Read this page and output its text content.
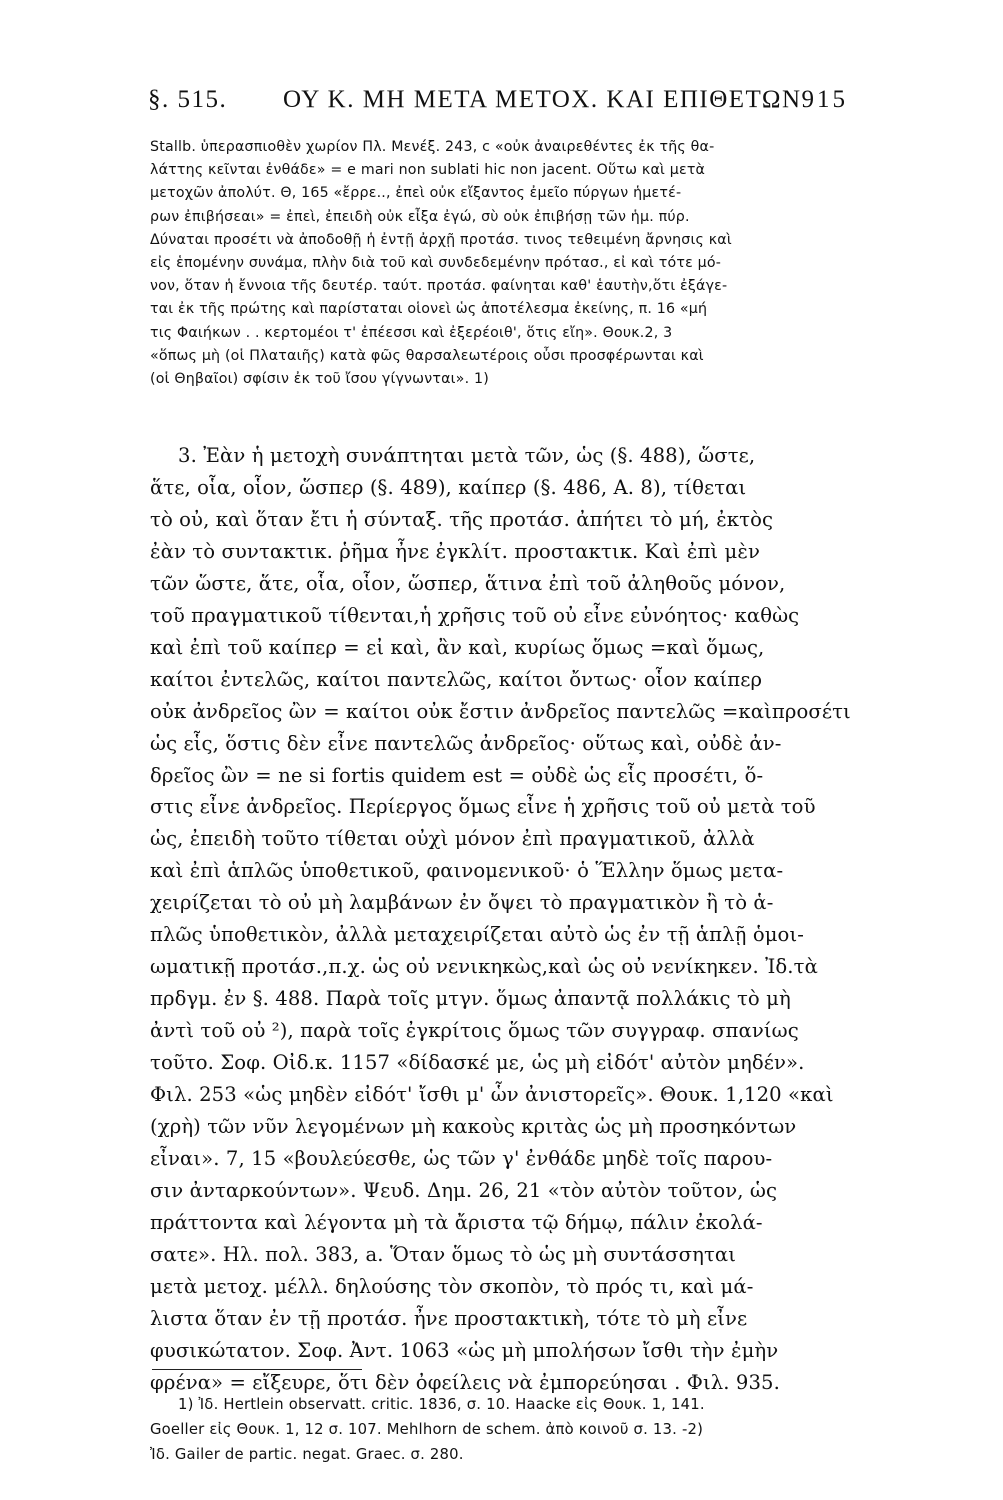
§. 515. ΟΥ Κ. ΜΗ ΜΕΤΑ ΜΕΤΟΧ. ΚΑΙ ΕΠΙΘΕΤΩΝ 915
Stallb. ὑπερασπιοθὲν χωρίον Πλ. Μενέξ. 243, c «οὐκ ἀναιρεθέντες ἐκ τῆς θα-
λάττης κεῖνται ἐνθάδε» = e mari non sublati hic non jacent. Οὕτω καὶ μετὰ
μετοχῶν ἀπολύτ. Θ, 165 «ἔρρε.., ἐπεὶ οὐκ εἴξαντος ἐμεῖο πύργων ἡμετέ-
ρων ἐπιβήσεαι» = ἐπεὶ, ἐπειδὴ οὐκ εἶξα ἐγώ, σὺ οὐκ ἐπιβήσῃ τῶν ἡμ. πύρ.
Δύναται προσέτι νὰ ἀποδοθῇ ἡ ἐντῇ ἀρχῇ προτάσ. τινος τεθειμένη ἄρνησις καὶ
εἰς ἑπομένην συνάμα, πλὴν διὰ τοῦ καὶ συνδεδεμένην πρότασ., εἰ καὶ τότε μό-
νον, ὅταν ἡ ἔννοια τῆς δευτέρ. ταύτ. προτάσ. φαίνηται καθ' ἑαυτὴν,ὅτι ἐξάγε-
ται ἐκ τῆς πρώτης καὶ παρίσταται οἱονεὶ ὡς ἀποτέλεσμα ἐκείνης, π. 16 «μή
τις Φαιήκων . . κερτομέοι τ' ἐπέεσσι καὶ ἐξερέοιθ', ὅτις εἴη». Θουκ.2, 3
«ὅπως μὴ (οἱ Πλαταιῆς) κατὰ φῶς θαρσαλεωτέροις οὖσι προσφέρωνται καὶ
(οἱ Θηβαῖοι) σφίσιν ἐκ τοῦ ἴσου γίγνωνται». 1)
3. Ἐὰν ἡ μετοχὴ συνάπτηται μετὰ τῶν, ὡς (§. 488), ὥστε,
ἅτε, οἷα, οἷον, ὥσπερ (§. 489), καίπερ (§. 486, Α. 8), τίθεται
τὸ οὐ, καὶ ὅταν ἔτι ἡ σύνταξ. τῆς προτάσ. ἀπήτει τὸ μή, ἐκτὸς
ἐὰν τὸ συντακτικ. ῥῆμα ἦνε ἐγκλίτ. προστακτικ. Καὶ ἐπὶ μὲν
τῶν ὥστε, ἅτε, οἷα, οἷον, ὥσπερ, ἅτινα ἐπὶ τοῦ ἀληθοῦς μόνον,
τοῦ πραγματικοῦ τίθενται,ἡ χρῆσις τοῦ οὐ εἶνε εὐνόητος· καθὼς
καὶ ἐπὶ τοῦ καίπερ = εἰ καὶ, ἂν καὶ, κυρίως ὅμως =καὶ ὅμως,
καίτοι ἐντελῶς, καίτοι παντελῶς, καίτοι ὄντως· οἷον καίπερ
οὐκ ἀνδρεῖος ὢν = καίτοι οὐκ ἔστιν ἀνδρεῖος παντελῶς =καὶπροσέτι
ὡς εἷς, ὅστις δὲν εἶνε παντελῶς ἀνδρεῖος· οὕτως καὶ, οὐδὲ ἀν-
δρεῖος ὢν = ne si fortis quidem est = οὐδὲ ὡς εἷς προσέτι, ὅ-
στις εἶνε ἀνδρεῖος. Περίεργος ὅμως εἶνε ἡ χρῆσις τοῦ οὐ μετὰ τοῦ
ὡς, ἐπειδὴ τοῦτο τίθεται οὐχὶ μόνον ἐπὶ πραγματικοῦ, ἀλλὰ
καὶ ἐπὶ ἁπλῶς ὑποθετικοῦ, φαινομενικοῦ· ὁ Ἕλλην ὅμως μετα-
χειρίζεται τὸ οὐ μὴ λαμβάνων ἐν ὄψει τὸ πραγματικὸν ἢ τὸ ἁ-
πλῶς ὑποθετικὸν, ἀλλὰ μεταχειρίζεται αὐτὸ ὡς ἐν τῇ ἁπλῇ ὁμοι-
ωματικῇ προτάσ.,π.χ. ὡς οὐ νενικηκὼς,καὶ ὡς οὐ νενίκηκεν. Ἰδ.τὰ
πρδγμ. ἐν §. 488. Παρὰ τοῖς μτγν. ὅμως ἀπαντᾷ πολλάκις τὸ μὴ
ἀντὶ τοῦ οὐ ²), παρὰ τοῖς ἐγκρίτοις ὅμως τῶν συγγραφ. σπανίως
τοῦτο. Σοφ. Οἰδ.κ. 1157 «δίδασκέ με, ὡς μὴ εἰδότ' αὐτὸν μηδέν».
Φιλ. 253 «ὡς μηδὲν εἰδότ' ἴσθι μ' ὧν ἀνιστορεῖς». Θουκ. 1,120 «καὶ
(χρὴ) τῶν νῦν λεγομένων μὴ κακοὺς κριτὰς ὡς μὴ προσηκόντων
εἶναι». 7, 15 «βουλεύεσθε, ὡς τῶν γ' ἐνθάδε μηδὲ τοῖς παρου-
σιν ἀνταρκούντων». Ψευδ. Δημ. 26, 21 «τὸν αὐτὸν τοῦτον, ὡς
πράττοντα καὶ λέγοντα μὴ τὰ ἄριστα τῷ δήμῳ, πάλιν ἐκολά-
σατε». Ηλ. πολ. 383, a. Ὅταν ὅμως τὸ ὡς μὴ συντάσσηται
μετὰ μετοχ. μέλλ. δηλούσης τὸν σκοπὸν, τὸ πρός τι, καὶ μά-
λιστα ὅταν ἐν τῇ προτάσ. ἦνε προστακτικὴ, τότε τὸ μὴ εἶνε
φυσικώτατον. Σοφ. Ἀντ. 1063 «ὡς μὴ μπολήσων ἴσθι τὴν ἐμὴν
φρένα» = εἴξευρε, ὅτι δὲν ὀφείλεις νὰ ἐμπορεύησαι . Φιλ. 935.
1) Ἰδ. Hertlein observatt. critic. 1836, σ. 10. Haacke εἰς Θουκ. 1, 141.
Goeller εἰς Θουκ. 1, 12 σ. 107. Mehlhorn de schem. ἀπὸ κοινοῦ σ. 13. -2)
Ἰδ. Gailer de partic. negat. Graec. σ. 280.
